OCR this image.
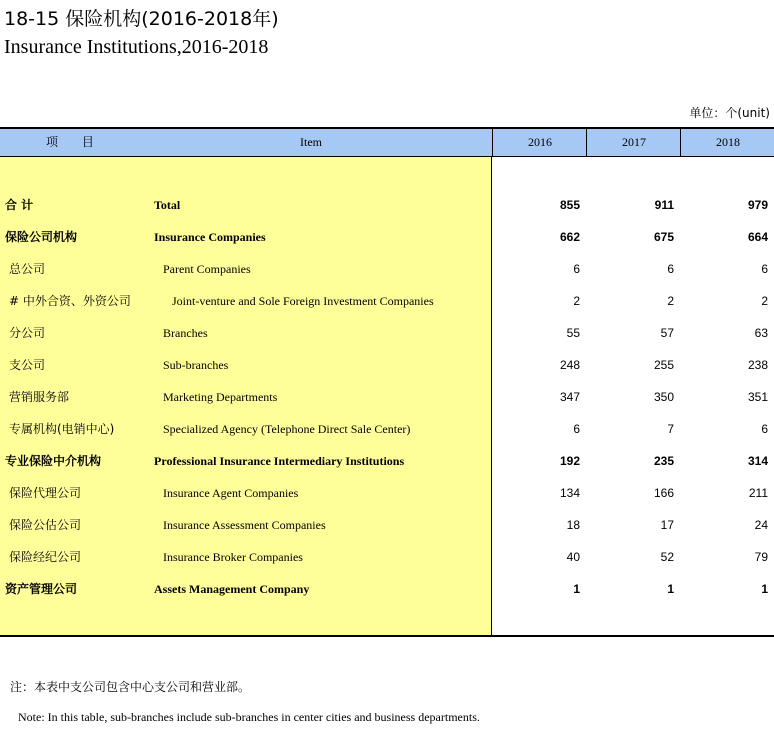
18-15 保险机构(2016-2018年)
Insurance Institutions,2016-2018
单位：个(unit)
项 目	Item	2016	2017	2018
合 计	Total	855	911	979
保险公司机构	Insurance Companies	662	675	664
总公司	Parent Companies	6	6	6
# 中外合资、外资公司	Joint-venture and Sole Foreign Investment Companies	2	2	2
分公司	Branches	55	57	63
支公司	Sub-branches	248	255	238
营销服务部	Marketing Departments	347	350	351
专属机构(电销中心)	Specialized Agency (Telephone Direct Sale Center)	6	7	6
专业保险中介机构	Professional Insurance Intermediary Institutions	192	235	314
保险代理公司	Insurance Agent Companies	134	166	211
保险公估公司	Insurance Assessment Companies	18	17	24
保险经纪公司	Insurance Broker Companies	40	52	79
资产管理公司	Assets Management Company	1	1	1
注：本表中支公司包含中心支公司和营业部。
Note: In this table, sub-branches include sub-branches in center cities and business departments.
